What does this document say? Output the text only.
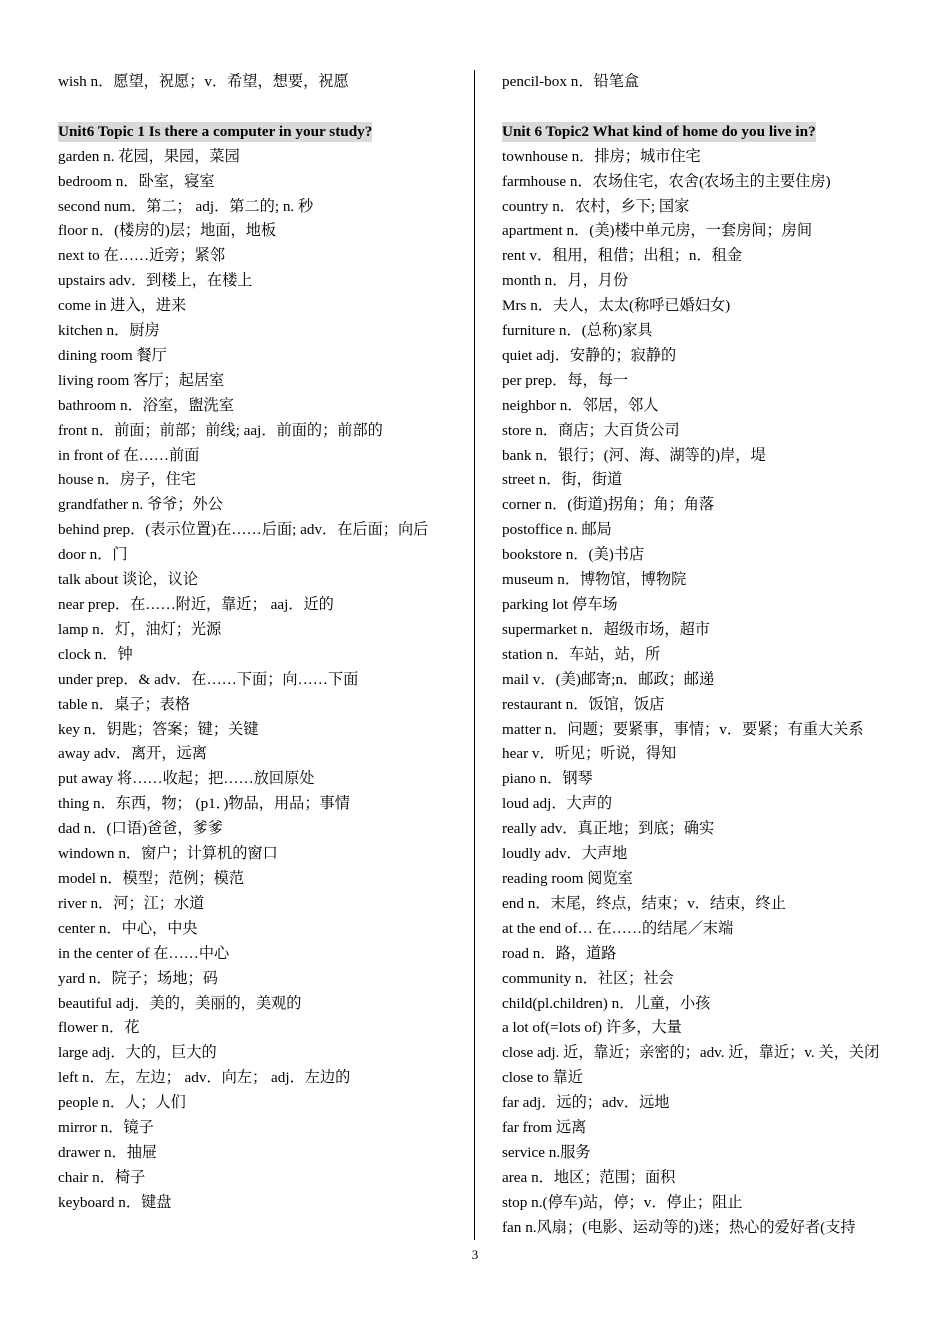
wish n．愿望，祝愿；v．希望，想要，祝愿
Unit6 Topic 1 Is there a computer in your study?
garden n. 花园，果园，菜园
bedroom n．卧室，寝室
second num．第二； adj．第二的; n. 秒
floor n．(楼房的)层；地面，地板
next to 在……近旁；紧邻
upstairs adv．到楼上，在楼上
come in 进入，进来
kitchen n．厨房
dining room 餐厅
living room 客厅；起居室
bathroom n．浴室，盥洗室
front n．前面；前部；前线; aaj．前面的；前部的
in front of 在……前面
house n．房子，住宅
grandfather n. 爷爷；外公
behind prep．(表示位置)在……后面; adv．在后面；向后
door n．门
talk about 谈论，议论
near prep．在……附近，靠近； aaj．近的
lamp n．灯，油灯；光源
clock n．钟
under prep．& adv．在……下面；向……下面
table n．桌子；表格
key n．钥匙；答案；键；关键
away adv．离开，远离
put away 将……收起；把……放回原处
thing n．东西，物； (p1．)物品，用品；事情
dad n．(口语)爸爸，爹爹
windown n．窗户；计算机的窗口
model n．模型；范例；模范
river n．河；江；水道
center n．中心，中央
in the center of 在……中心
yard n．院子；场地；码
beautiful adj．美的，美丽的，美观的
flower n．花
large adj．大的，巨大的
left n．左，左边； adv．向左； adj．左边的
people n．人；人们
mirror n．镜子
drawer n．抽屉
chair n．椅子
keyboard n．键盘
pencil-box n．铅笔盒
Unit 6 Topic2 What kind of home do you live in?
townhouse n．排房；城市住宅
farmhouse n．农场住宅，农舍(农场主的主要住房)
country n．农村，乡下; 国家
apartment n．(美)楼中单元房，一套房间；房间
rent v．租用，租借；出租；n．租金
month n．月，月份
Mrs n．夫人，太太(称呼已婚妇女)
furniture n．(总称)家具
quiet adj．安静的；寂静的
per prep．每，每一
neighbor n．邻居，邻人
store n．商店；大百货公司
bank n．银行；(河、海、湖等的)岸，堤
street n．街，街道
corner n．(街道)拐角；角；角落
postoffice n. 邮局
bookstore n．(美)书店
museum n．博物馆，博物院
parking lot 停车场
supermarket n．超级市场，超市
station n．车站，站，所
mail v．(美)邮寄;n．邮政；邮递
restaurant n．饭馆，饭店
matter n．问题；要紧事，事情；v．要紧；有重大关系
hear v．听见；听说，得知
piano n．钢琴
loud adj．大声的
really adv．真正地；到底；确实
loudly adv．大声地
reading room 阅览室
end n．末尾，终点，结束；v．结束，终止
at the end of… 在……的结尾／末端
road n．路，道路
community n．社区；社会
child(pl.children) n．儿童，小孩
a lot of(=lots of) 许多，大量
close adj. 近，靠近；亲密的；adv. 近，靠近；v. 关，关闭
close to 靠近
far adj．远的；adv．远地
far from 远离
service n.服务
area n．地区；范围；面积
stop n.(停车)站，停；v．停止；阻止
fan n.风扇；(电影、运动等的)迷；热心的爱好者(支持
3
